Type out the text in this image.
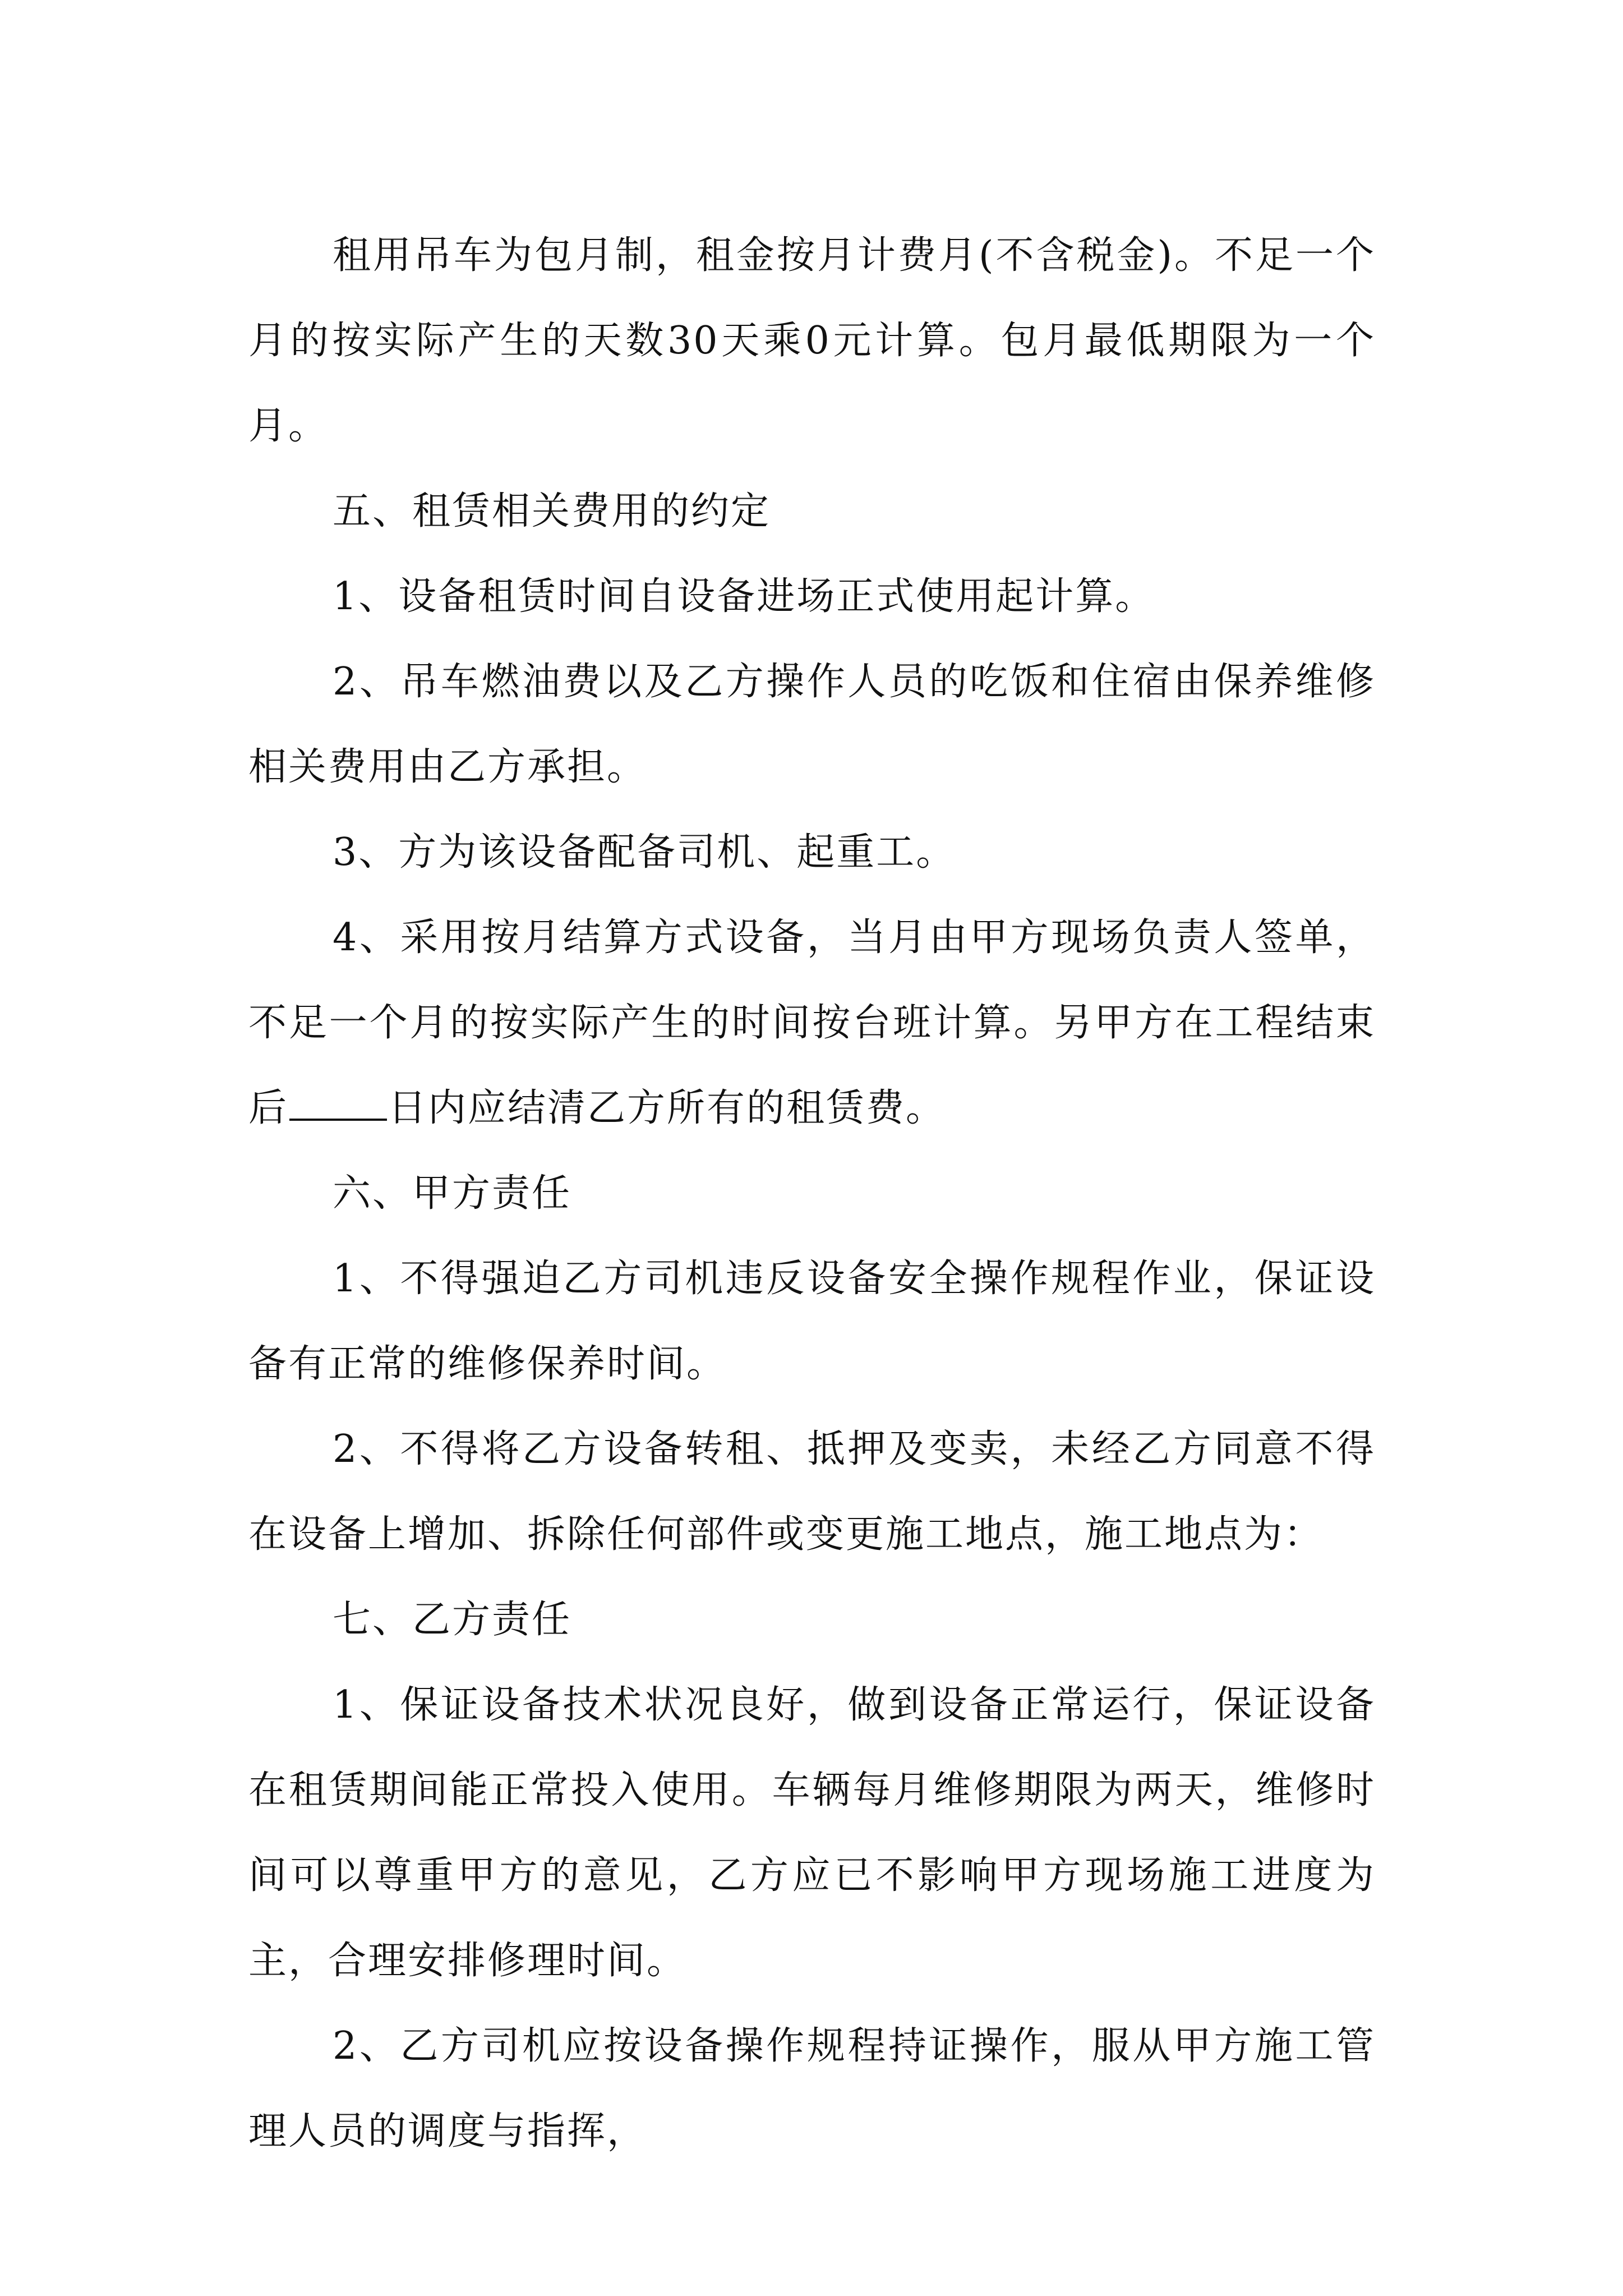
租用吊车为包月制，租金按月计费月(不含税金)。不足一个月的按实际产生的天数30天乘0元计算。包月最低期限为一个月。

五、租赁相关费用的约定

1、设备租赁时间自设备进场正式使用起计算。

2、吊车燃油费以及乙方操作人员的吃饭和住宿由保养维修相关费用由乙方承担。

3、方为该设备配备司机、起重工。

4、采用按月结算方式设备，当月由甲方现场负责人签单，不足一个月的按实际产生的时间按台班计算。另甲方在工程结束后	日内应结清乙方所有的租赁费。

六、甲方责任

1、不得强迫乙方司机违反设备安全操作规程作业，保证设备有正常的维修保养时间。

2、不得将乙方设备转租、抵押及变卖，未经乙方同意不得在设备上增加、拆除任何部件或变更施工地点，施工地点为：

七、乙方责任

1、保证设备技术状况良好，做到设备正常运行，保证设备在租赁期间能正常投入使用。车辆每月维修期限为两天，维修时间可以尊重甲方的意见，乙方应已不影响甲方现场施工进度为主，合理安排修理时间。

2、乙方司机应按设备操作规程持证操作，服从甲方施工管理人员的调度与指挥，
